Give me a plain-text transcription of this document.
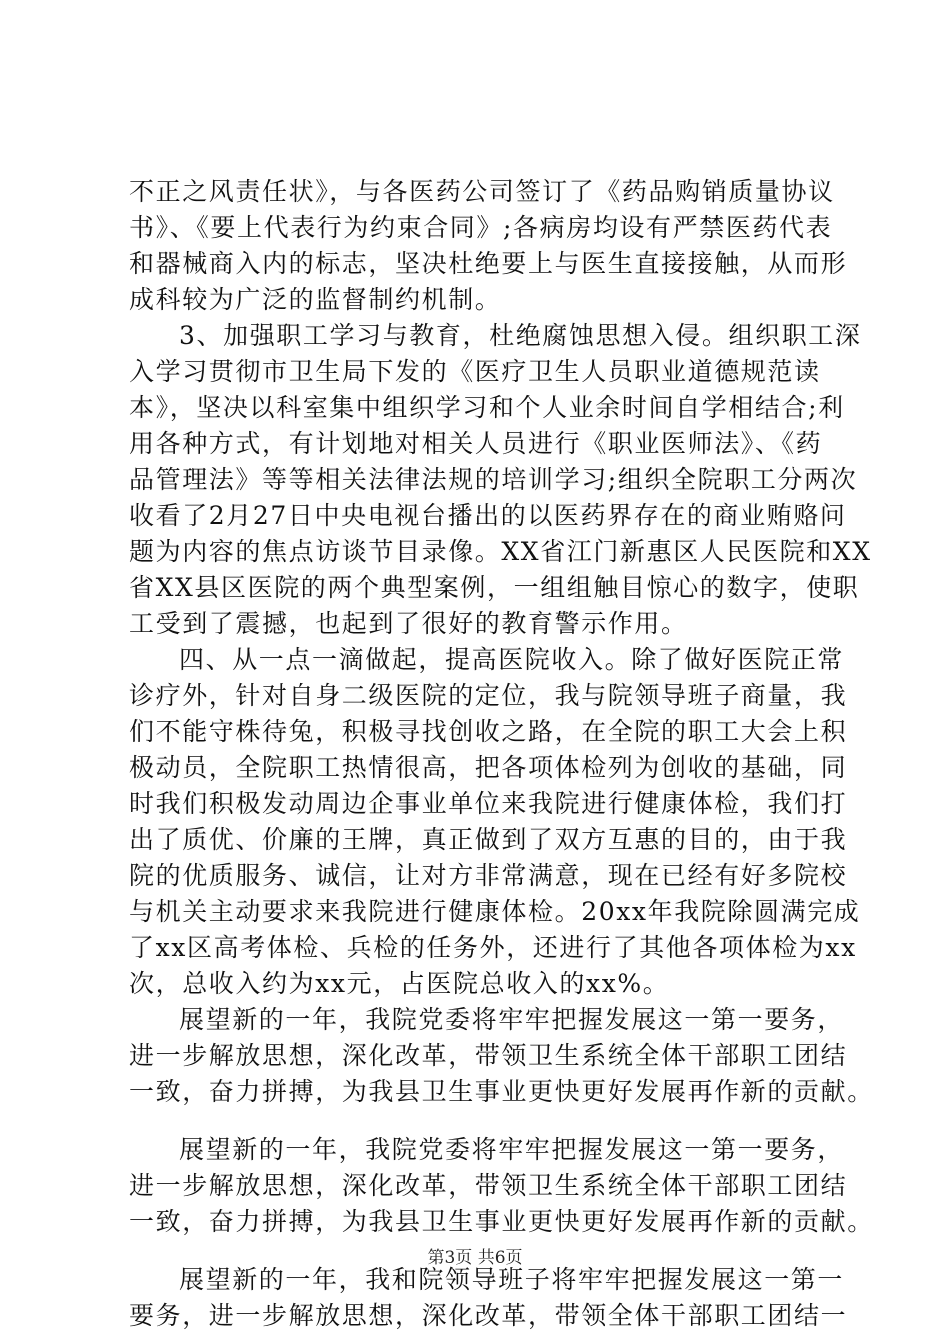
不正之风责任状》，与各医药公司签订了《药品购销质量协议
书》、《要上代表行为约束合同》;各病房均设有严禁医药代表
和器械商入内的标志，坚决杜绝要上与医生直接接触，从而形
成科较为广泛的监督制约机制。
3、加强职工学习与教育，杜绝腐蚀思想入侵。组织职工深
入学习贯彻市卫生局下发的《医疗卫生人员职业道德规范读
本》，坚决以科室集中组织学习和个人业余时间自学相结合;利
用各种方式，有计划地对相关人员进行《职业医师法》、《药
品管理法》等等相关法律法规的培训学习;组织全院职工分两次
收看了2月27日中央电视台播出的以医药界存在的商业贿赂问
题为内容的焦点访谈节目录像。XX省江门新惠区人民医院和XX
省XX县区医院的两个典型案例，一组组触目惊心的数字，使职
工受到了震撼，也起到了很好的教育警示作用。
四、从一点一滴做起，提高医院收入。除了做好医院正常
诊疗外，针对自身二级医院的定位，我与院领导班子商量，我
们不能守株待兔，积极寻找创收之路，在全院的职工大会上积
极动员，全院职工热情很高，把各项体检列为创收的基础，同
时我们积极发动周边企事业单位来我院进行健康体检，我们打
出了质优、价廉的王牌，真正做到了双方互惠的目的，由于我
院的优质服务、诚信，让对方非常满意，现在已经有好多院校
与机关主动要求来我院进行健康体检。20xx年我院除圆满完成
了xx区高考体检、兵检的任务外，还进行了其他各项体检为xx
次，总收入约为xx元，占医院总收入的xx%。
展望新的一年，我院党委将牢牢把握发展这一第一要务，
进一步解放思想，深化改革，带领卫生系统全体干部职工团结
一致，奋力拼搏，为我县卫生事业更快更好发展再作新的贡献。
展望新的一年，我院党委将牢牢把握发展这一第一要务，
进一步解放思想，深化改革，带领卫生系统全体干部职工团结
一致，奋力拼搏，为我县卫生事业更快更好发展再作新的贡献。
展望新的一年，我和院领导班子将牢牢把握发展这一第一
要务，进一步解放思想，深化改革，带领全体干部职工团结一
第3页 共6页
